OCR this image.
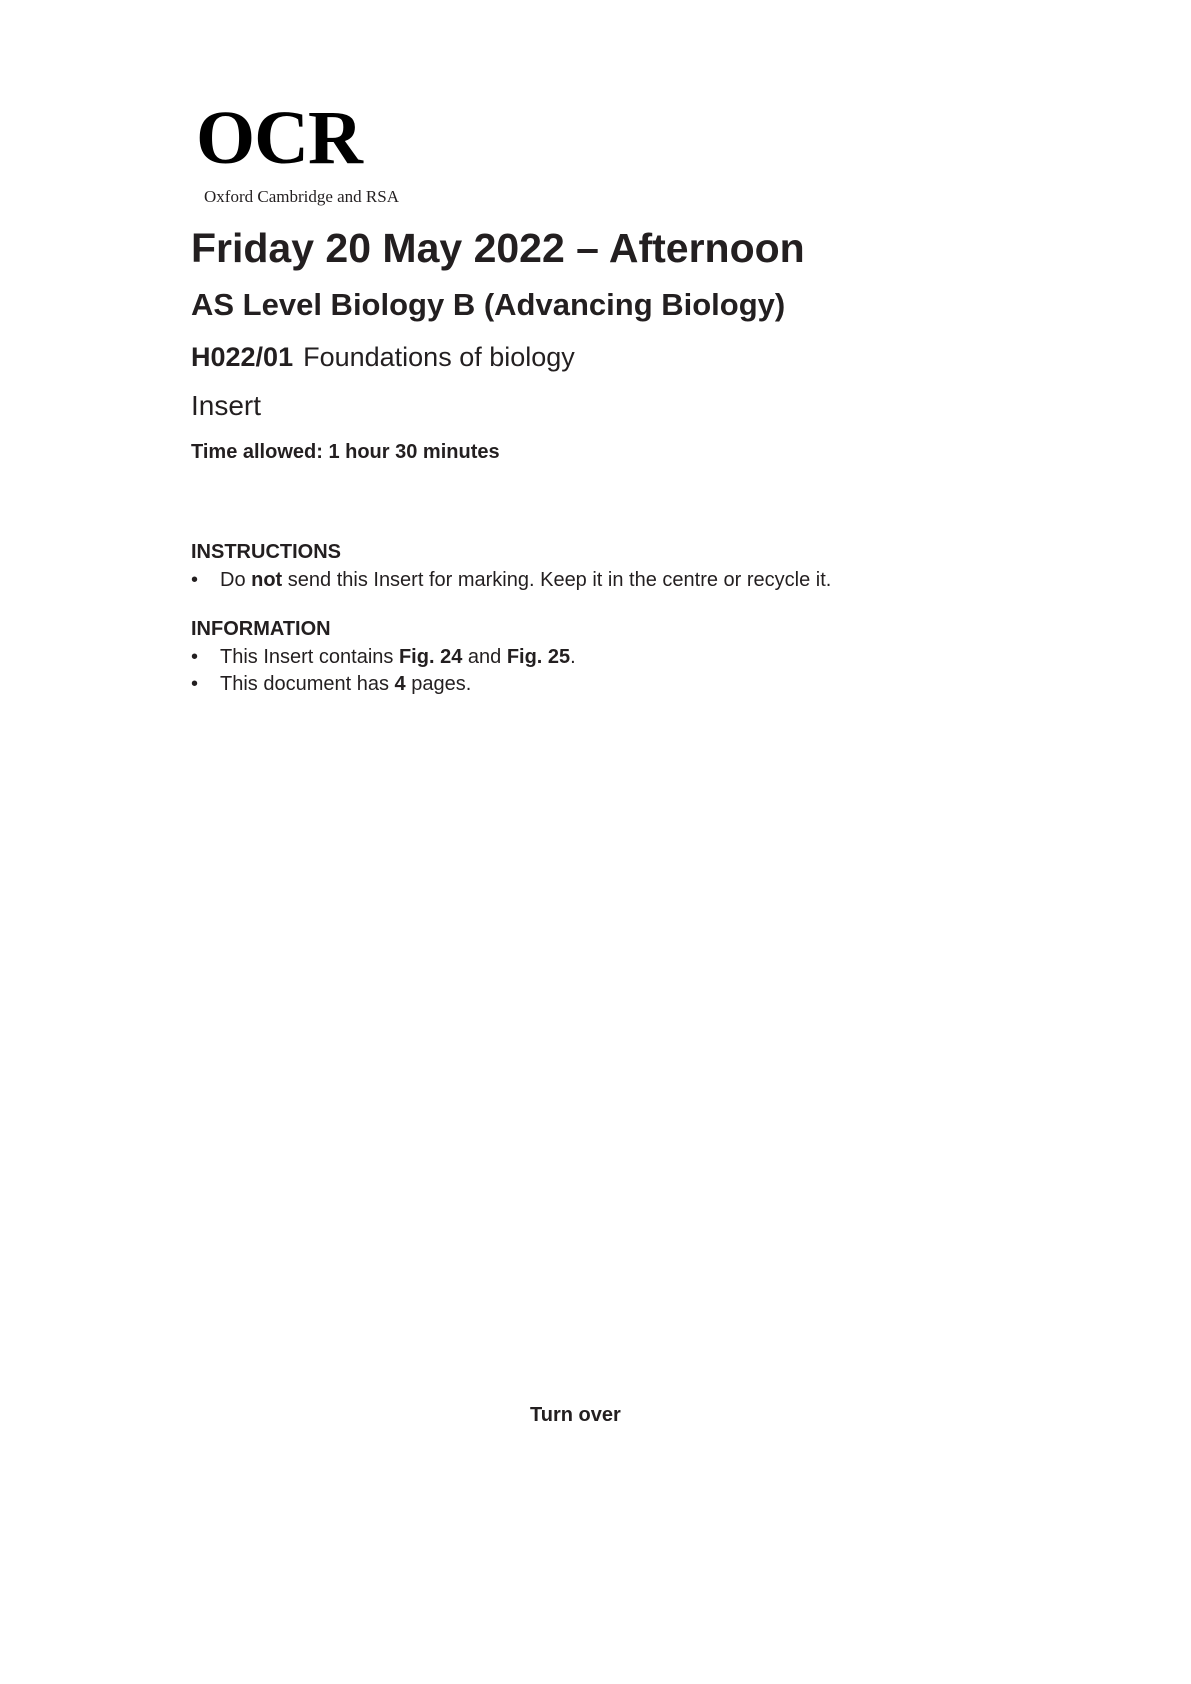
OCR
Oxford Cambridge and RSA
Friday 20 May 2022 – Afternoon
AS Level Biology B (Advancing Biology)
H022/01 Foundations of biology
Insert
Time allowed: 1 hour 30 minutes

INSTRUCTIONS

• Do not send this Insert for marking. Keep it in the centre or recycle it.

INFORMATION

• This Insert contains Fig. 24 and Fig. 25.
• This document has 4 pages.
Turn over
